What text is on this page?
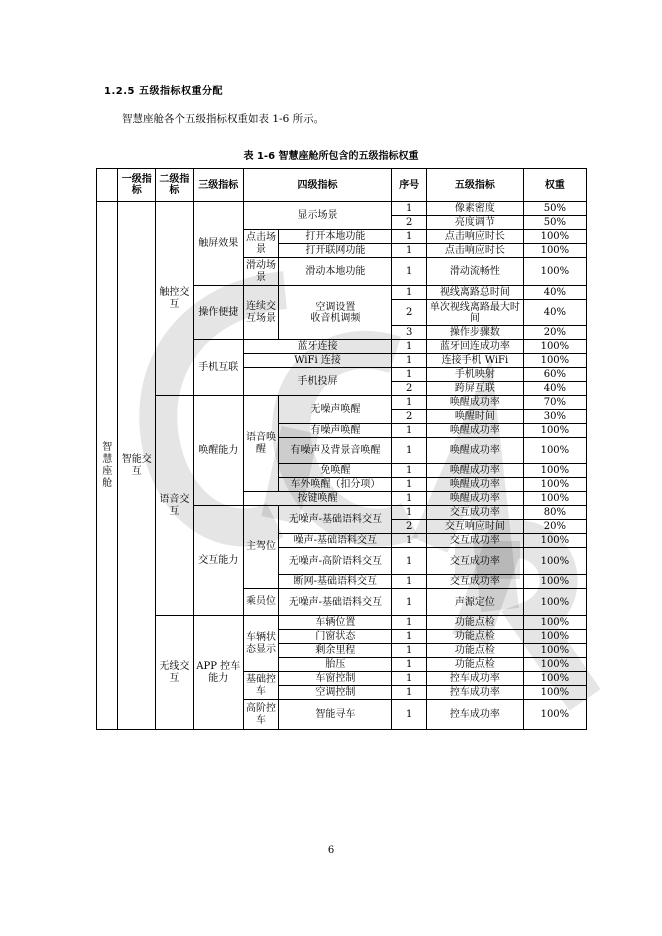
1.2.5 五级指标权重分配
智慧座舱各个五级指标权重如表 1-6 所示。
表 1-6 智慧座舱所包含的五级指标权重
	一级指标	二级指标	三级指标	四级指标		序号	五级指标	权重
智慧座舱	智能交互	触控交互	触屏效果	显示场景		1	像素密度	50%
						2	亮度调节	50%
				点击场景	打开本地功能	1	点击响应时长	100%
					打开联网功能	1	点击响应时长	100%
				滑动场景	滑动本地功能	1	滑动流畅性	100%
			操作便捷	连续交互场景	空调设置
收音机调频	1	视线离路总时间	40%
						2	单次视线离路最大时间	40%
						3	操作步骤数	20%
			手机互联	蓝牙连接		1	蓝牙回连成功率	100%
				WiFi 连接		1	连接手机 WiFi	100%
				手机投屏		1	手机映射	60%
						2	跨屏互联	40%
		语音交互	唤醒能力	语音唤醒	无噪声唤醒	1	唤醒成功率	70%
						2	唤醒时间	30%
					有噪声唤醒	1	唤醒成功率	100%
					有噪声及背景音唤醒	1	唤醒成功率	100%
					免唤醒	1	唤醒成功率	100%
					车外唤醒（扣分项）	1	唤醒成功率	100%
				按键唤醒		1	唤醒成功率	100%
			交互能力	主驾位	无噪声-基础语料交互	1	交互成功率	80%
						2	交互响应时间	20%
					噪声-基础语料交互	1	交互成功率	100%
					无噪声-高阶语料交互	1	交互成功率	100%
					断网-基础语料交互	1	交互成功率	100%
				乘员位	无噪声-基础语料交互	1	声源定位	100%
		无线交互	APP 控车能力	车辆状态显示	车辆位置	1	功能点检	100%
					门窗状态	1	功能点检	100%
					剩余里程	1	功能点检	100%
					胎压	1	功能点检	100%
				基础控车	车窗控制	1	控车成功率	100%
					空调控制	1	控车成功率	100%
				高阶控车	智能寻车	1	控车成功率	100%
6
